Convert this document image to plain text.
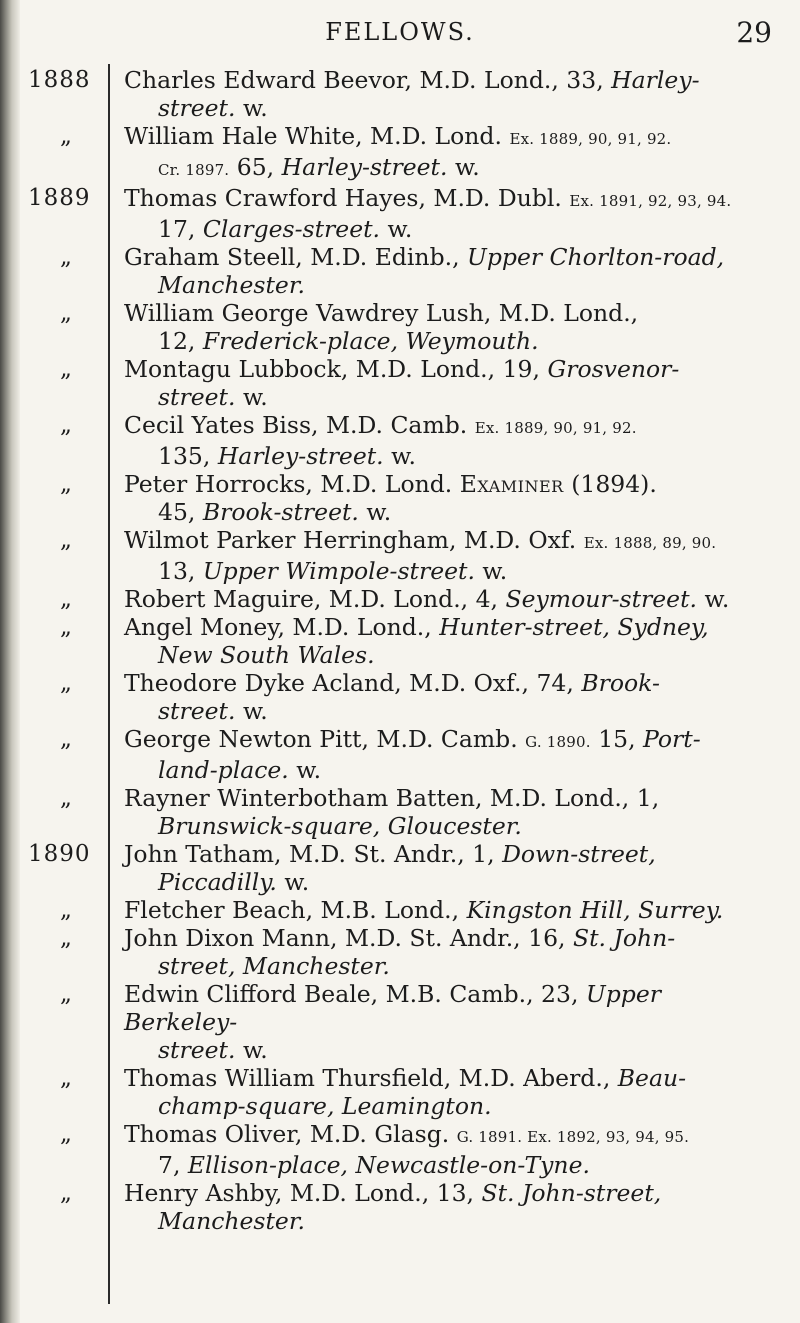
FELLOWS.	29
1888	Charles Edward Beevor, M.D. Lond., 33, Harley-
street. w.
„	William Hale White, M.D. Lond. Ex. 1889, 90, 91, 92.
Cr. 1897. 65, Harley-street. w.
1889	Thomas Crawford Hayes, M.D. Dubl. Ex. 1891, 92, 93, 94.
17, Clarges-street. w.
„	Graham Steell, M.D. Edinb., Upper Chorlton-road,
Manchester.
„	William George Vawdrey Lush, M.D. Lond.,
12, Frederick-place, Weymouth.
„	Montagu Lubbock, M.D. Lond., 19, Grosvenor-
street. w.
„	Cecil Yates Biss, M.D. Camb. Ex. 1889, 90, 91, 92.
135, Harley-street. w.
„	Peter Horrocks, M.D. Lond. Examiner (1894).
45, Brook-street. w.
„	Wilmot Parker Herringham, M.D. Oxf. Ex. 1888, 89, 90.
13, Upper Wimpole-street. w.
„	Robert Maguire, M.D. Lond., 4, Seymour-street. w.
„	Angel Money, M.D. Lond., Hunter-street, Sydney,
New South Wales.
„	Theodore Dyke Acland, M.D. Oxf., 74, Brook-
street. w.
„	George Newton Pitt, M.D. Camb. G. 1890. 15, Port-
land-place. w.
„	Rayner Winterbotham Batten, M.D. Lond., 1,
Brunswick-square, Gloucester.
1890	John Tatham, M.D. St. Andr., 1, Down-street,
Piccadilly. w.
„	Fletcher Beach, M.B. Lond., Kingston Hill, Surrey.
„	John Dixon Mann, M.D. St. Andr., 16, St. John-
street, Manchester.
„	Edwin Clifford Beale, M.B. Camb., 23, Upper Berkeley-
street. w.
„	Thomas William Thursfield, M.D. Aberd., Beau-
champ-square, Leamington.
„	Thomas Oliver, M.D. Glasg. G. 1891. Ex. 1892, 93, 94, 95.
7, Ellison-place, Newcastle-on-Tyne.
„	Henry Ashby, M.D. Lond., 13, St. John-street,
Manchester.
